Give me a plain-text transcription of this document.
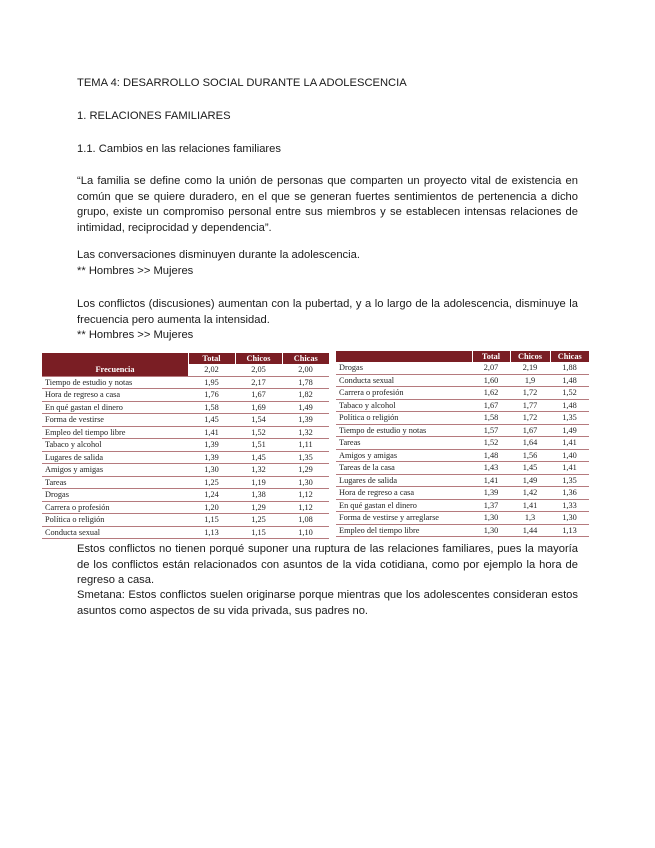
TEMA 4: DESARROLLO SOCIAL DURANTE LA ADOLESCENCIA

1. RELACIONES FAMILIARES

1.1. Cambios en las relaciones familiares

“La familia se define como la unión de personas que comparten un proyecto vital de existencia en común que se quiere duradero, en el que se generan fuertes sentimientos de pertenencia a dicho grupo, existe un compromiso personal entre sus miembros y se establecen intensas relaciones de intimidad, reciprocidad y dependencia”.

Las conversaciones disminuyen durante la adolescencia.

** Hombres >> Mujeres

Los conflictos (discusiones) aumentan con la pubertad, y a lo largo de la adolescencia, disminuye la frecuencia pero aumenta la intensidad.

** Hombres >> Mujeres

	Total	Chicos	Chicas
Frecuencia	2,02	2,05	2,00
Tiempo de estudio y notas	1,95	2,17	1,78
Hora de regreso a casa	1,76	1,67	1,82
En qué gastan el dinero	1,58	1,69	1,49
Forma de vestirse	1,45	1,54	1,39
Empleo del tiempo libre	1,41	1,52	1,32
Tabaco y alcohol	1,39	1,51	1,11
Lugares de salida	1,39	1,45	1,35
Amigos y amigas	1,30	1,32	1,29
Tareas	1,25	1,19	1,30
Drogas	1,24	1,38	1,12
Carrera o profesión	1,20	1,29	1,12
Política o religión	1,15	1,25	1,08
Conducta sexual	1,13	1,15	1,10
	Total	Chicos	Chicas
Drogas	2,07	2,19	1,88
Conducta sexual	1,60	1,9	1,48
Carrera o profesión	1,62	1,72	1,52
Tabaco y alcohol	1,67	1,77	1,48
Política o religión	1,58	1,72	1,35
Tiempo de estudio y notas	1,57	1,67	1,49
Tareas	1,52	1,64	1,41
Amigos y amigas	1,48	1,56	1,40
Tareas de la casa	1,43	1,45	1,41
Lugares de salida	1,41	1,49	1,35
Hora de regreso a casa	1,39	1,42	1,36
En qué gastan el dinero	1,37	1,41	1,33
Forma de vestirse y arreglarse	1,30	1,3	1,30
Empleo del tiempo libre	1,30	1,44	1,13

Estos conflictos no tienen porqué suponer una ruptura de las relaciones familiares, pues la mayoría de los conflictos están relacionados con asuntos de la vida cotidiana, como por ejemplo la hora de regreso a casa.

Smetana: Estos conflictos suelen originarse porque mientras que los adolescentes consideran estos asuntos como aspectos de su vida privada, sus padres no.
